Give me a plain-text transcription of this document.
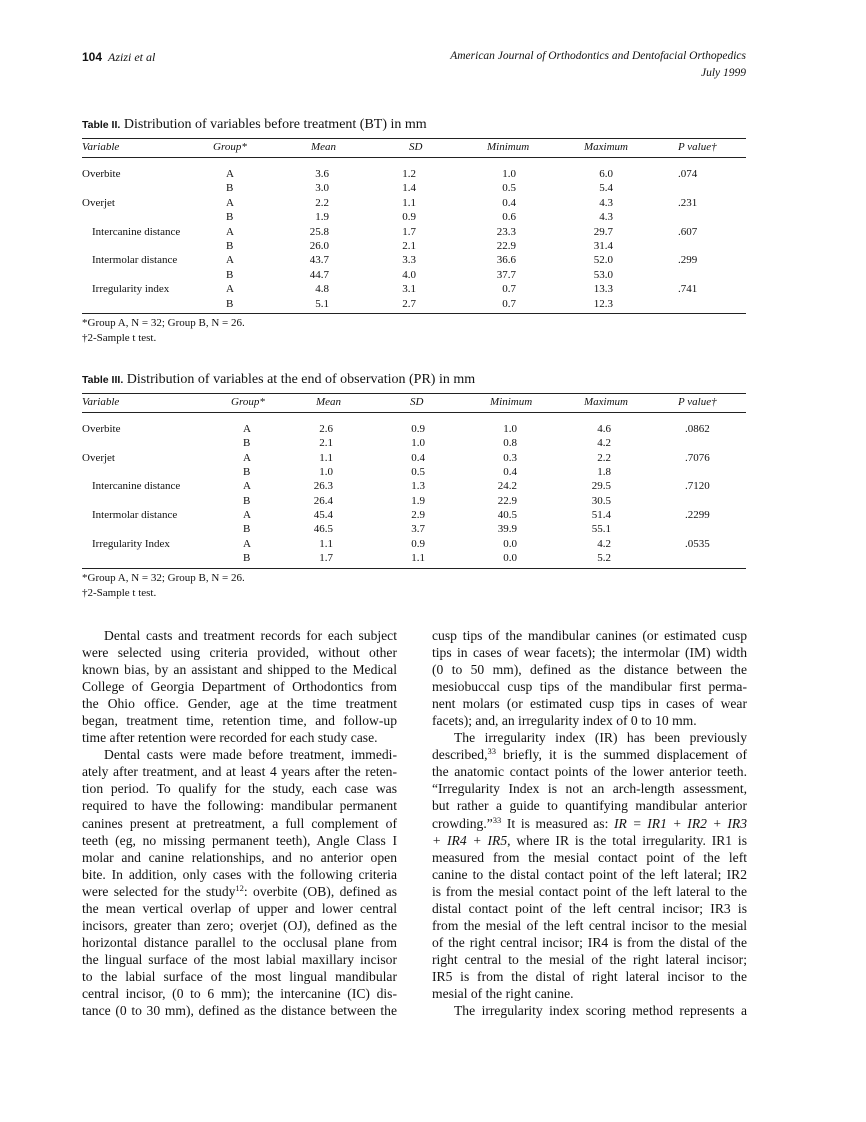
104 Azizi et al	American Journal of Orthodontics and Dentofacial Orthopedics
July 1999
Table II. Distribution of variables before treatment (BT) in mm
Variable	Group*	Mean	SD	Minimum	Maximum	P value†
Overbite	A	3.6	1.2	1.0	6.0	.074
B	3.0	1.4	0.5	5.4
Overjet	A	2.2	1.1	0.4	4.3	.231
B	1.9	0.9	0.6	4.3
Intercanine distance	A	25.8	1.7	23.3	29.7	.607
B	26.0	2.1	22.9	31.4
Intermolar distance	A	43.7	3.3	36.6	52.0	.299
B	44.7	4.0	37.7	53.0
Irregularity index	A	4.8	3.1	0.7	13.3	.741
B	5.1	2.7	0.7	12.3
*Group A, N = 32; Group B, N = 26.
†2-Sample t test.
Table III. Distribution of variables at the end of observation (PR) in mm
Variable	Group*	Mean	SD	Minimum	Maximum	P value†
Overbite	A	2.6	0.9	1.0	4.6	.0862
B	2.1	1.0	0.8	4.2
Overjet	A	1.1	0.4	0.3	2.2	.7076
B	1.0	0.5	0.4	1.8
Intercanine distance	A	26.3	1.3	24.2	29.5	.7120
B	26.4	1.9	22.9	30.5
Intermolar distance	A	45.4	2.9	40.5	51.4	.2299
B	46.5	3.7	39.9	55.1
Irregularity Index	A	1.1	0.9	0.0	4.2	.0535
B	1.7	1.1	0.0	5.2
*Group A, N = 32; Group B, N = 26.
†2-Sample t test.
Dental casts and treatment records for each subject
were selected using criteria provided, without other
known bias, by an assistant and shipped to the Medical
College of Georgia Department of Orthodontics from
the Ohio office. Gender, age at the time treatment
began, treatment time, retention time, and follow-up
time after retention were recorded for each study case.
Dental casts were made before treatment, immedi-
ately after treatment, and at least 4 years after the reten-
tion period. To qualify for the study, each case was
required to have the following: mandibular permanent
canines present at pretreatment, a full complement of
teeth (eg, no missing permanent teeth), Angle Class I
molar and canine relationships, and no anterior open
bite. In addition, only cases with the following criteria
were selected for the study$^{12}$: overbite (OB), defined as
the mean vertical overlap of upper and lower central
incisors, greater than zero; overjet (OJ), defined as the
horizontal distance parallel to the occlusal plane from
the lingual surface of the most labial maxillary incisor
to the labial surface of the most lingual mandibular
central incisor, (0 to 6 mm); the intercanine (IC) dis-
tance (0 to 30 mm), defined as the distance between the
cusp tips of the mandibular canines (or estimated cusp
tips in cases of wear facets); the intermolar (IM) width
(0 to 50 mm), defined as the distance between the
mesiobuccal cusp tips of the mandibular first perma-
nent molars (or estimated cusp tips in cases of wear
facets); and, an irregularity index of 0 to 10 mm.
The irregularity index (IR) has been previously
described,$^{33}$ briefly, it is the summed displacement of
the anatomic contact points of the lower anterior teeth.
“Irregularity Index is not an arch-length assessment,
but rather a guide to quantifying mandibular anterior
crowding.”$^{33}$ It is measured as: IR = IR1 + IR2 + IR3
+ IR4 + IR5, where IR is the total irregularity. IR1 is
measured from the mesial contact point of the left
canine to the distal contact point of the left lateral; IR2
is from the mesial contact point of the left lateral to the
distal contact point of the left central incisor; IR3 is
from the mesial of the left central incisor to the mesial
of the right central incisor; IR4 is from the distal of the
right central to the mesial of the right lateral incisor;
IR5 is from the distal of right lateral incisor to the
mesial of the right canine.
The irregularity index scoring method represents a
